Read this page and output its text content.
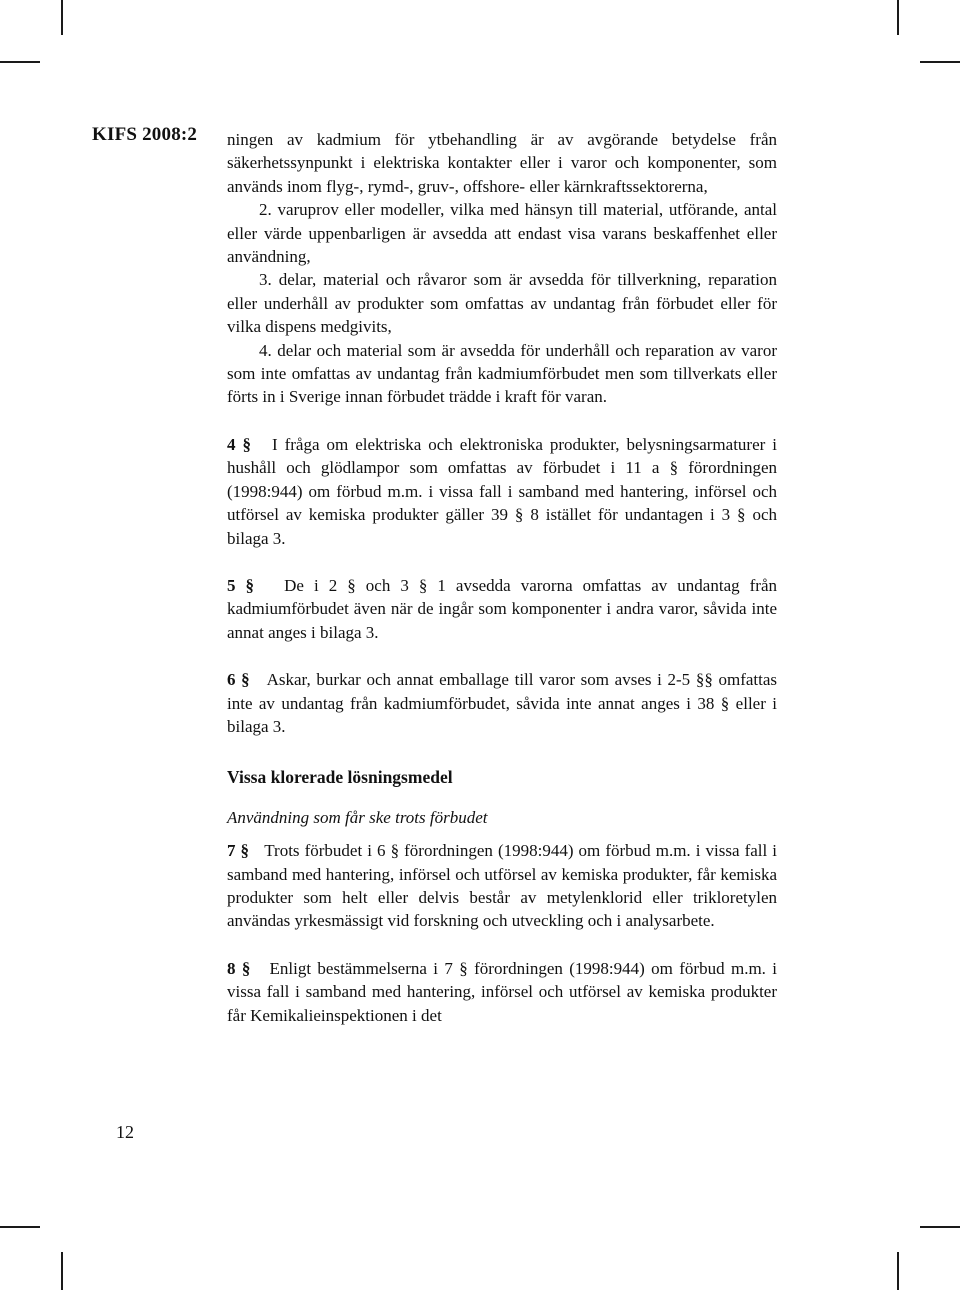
KIFS 2008:2 ningen av kadmium för ytbehandling är av avgörande betydelse från säkerhetssynpunkt i elektriska kontakter eller i varor och komponenter, som används inom flyg-, rymd-, gruv-, offshore- eller kärnkraftssektorerna,

2. varuprov eller modeller, vilka med hänsyn till material, utförande, antal eller värde uppenbarligen är avsedda att endast visa varans beskaffenhet eller användning,

3. delar, material och råvaror som är avsedda för tillverkning, reparation eller underhåll av produkter som omfattas av undantag från förbudet eller för vilka dispens medgivits,

4. delar och material som är avsedda för underhåll och reparation av varor som inte omfattas av undantag från kadmiumförbudet men som tillverkats eller förts in i Sverige innan förbudet trädde i kraft för varan.

4 § I fråga om elektriska och elektroniska produkter, belysningsarmaturer i hushåll och glödlampor som omfattas av förbudet i 11 a § förordningen (1998:944) om förbud m.m. i vissa fall i samband med hantering, införsel och utförsel av kemiska produkter gäller 39 § 8 istället för undantagen i 3 § och bilaga 3.

5 § De i 2 § och 3 § 1 avsedda varorna omfattas av undantag från kadmiumförbudet även när de ingår som komponenter i andra varor, såvida inte annat anges i bilaga 3.

6 § Askar, burkar och annat emballage till varor som avses i 2-5 §§ omfattas inte av undantag från kadmiumförbudet, såvida inte annat anges i 38 § eller i bilaga 3.

Vissa klorerade lösningsmedel

Användning som får ske trots förbudet

7 § Trots förbudet i 6 § förordningen (1998:944) om förbud m.m. i vissa fall i samband med hantering, införsel och utförsel av kemiska produkter, får kemiska produkter som helt eller delvis består av metylenklorid eller trikloretylen användas yrkesmässigt vid forskning och utveckling och i analysarbete.

8 § Enligt bestämmelserna i 7 § förordningen (1998:944) om förbud m.m. i vissa fall i samband med hantering, införsel och utförsel av kemiska produkter får Kemikalieinspektionen i det

12
